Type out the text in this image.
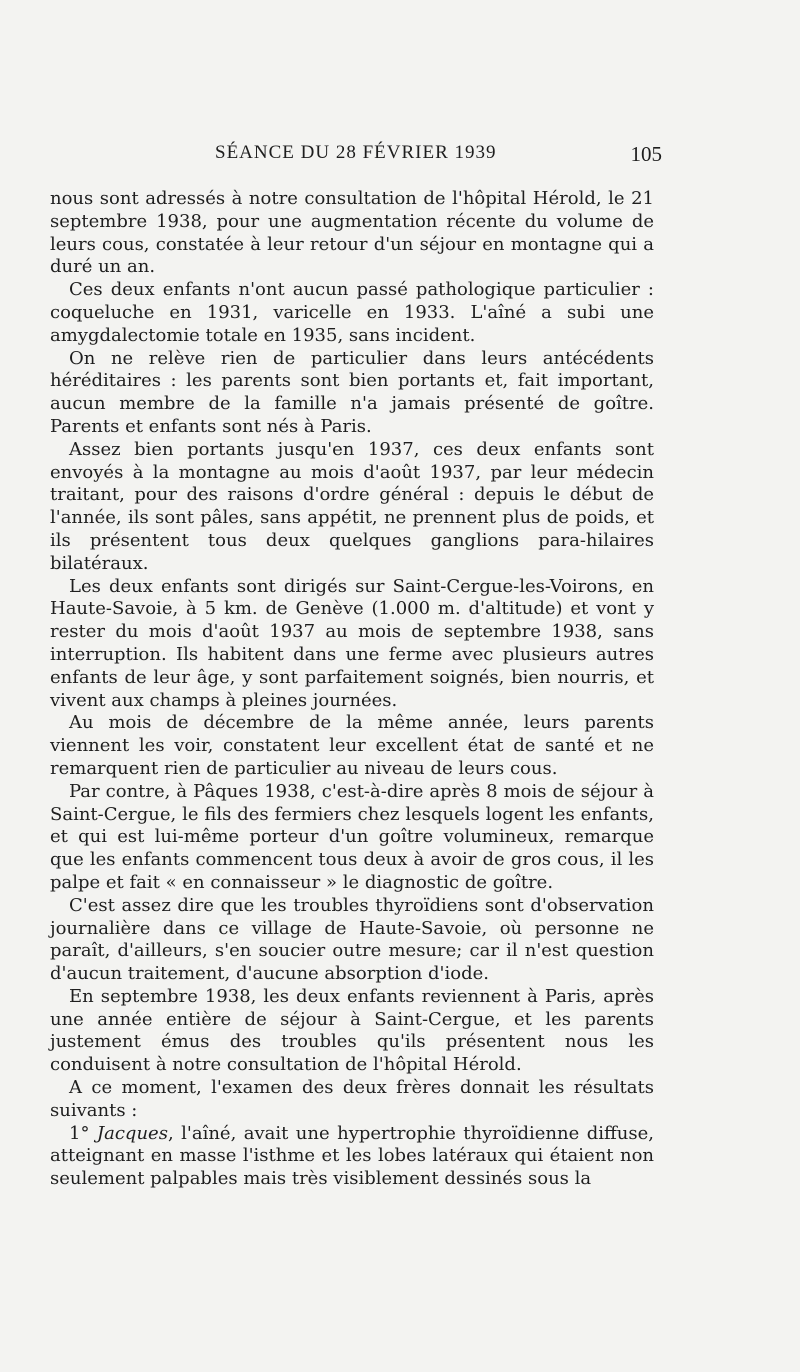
SÉANCE DU 28 FÉVRIER 1939	105

nous sont adressés à notre consultation de l'hôpital Hérold, le 21 septembre 1938, pour une augmentation récente du volume de leurs cous, constatée à leur retour d'un séjour en montagne qui a duré un an.

Ces deux enfants n'ont aucun passé pathologique particulier : coqueluche en 1931, varicelle en 1933. L'aîné a subi une amygdalectomie totale en 1935, sans incident.

On ne relève rien de particulier dans leurs antécédents héréditaires : les parents sont bien portants et, fait important, aucun membre de la famille n'a jamais présenté de goître. Parents et enfants sont nés à Paris.

Assez bien portants jusqu'en 1937, ces deux enfants sont envoyés à la montagne au mois d'août 1937, par leur médecin traitant, pour des raisons d'ordre général : depuis le début de l'année, ils sont pâles, sans appétit, ne prennent plus de poids, et ils présentent tous deux quelques ganglions para-hilaires bilatéraux.

Les deux enfants sont dirigés sur Saint-Cergue-les-Voirons, en Haute-Savoie, à 5 km. de Genève (1.000 m. d'altitude) et vont y rester du mois d'août 1937 au mois de septembre 1938, sans interruption. Ils habitent dans une ferme avec plusieurs autres enfants de leur âge, y sont parfaitement soignés, bien nourris, et vivent aux champs à pleines journées.

Au mois de décembre de la même année, leurs parents viennent les voir, constatent leur excellent état de santé et ne remarquent rien de particulier au niveau de leurs cous.

Par contre, à Pâques 1938, c'est-à-dire après 8 mois de séjour à Saint-Cergue, le fils des fermiers chez lesquels logent les enfants, et qui est lui-même porteur d'un goître volumineux, remarque que les enfants commencent tous deux à avoir de gros cous, il les palpe et fait « en connaisseur » le diagnostic de goître.

C'est assez dire que les troubles thyroïdiens sont d'observation journalière dans ce village de Haute-Savoie, où personne ne paraît, d'ailleurs, s'en soucier outre mesure; car il n'est question d'aucun traitement, d'aucune absorption d'iode.

En septembre 1938, les deux enfants reviennent à Paris, après une année entière de séjour à Saint-Cergue, et les parents justement émus des troubles qu'ils présentent nous les conduisent à notre consultation de l'hôpital Hérold.

A ce moment, l'examen des deux frères donnait les résultats suivants :

1° Jacques, l'aîné, avait une hypertrophie thyroïdienne diffuse, atteignant en masse l'isthme et les lobes latéraux qui étaient non seulement palpables mais très visiblement dessinés sous la
